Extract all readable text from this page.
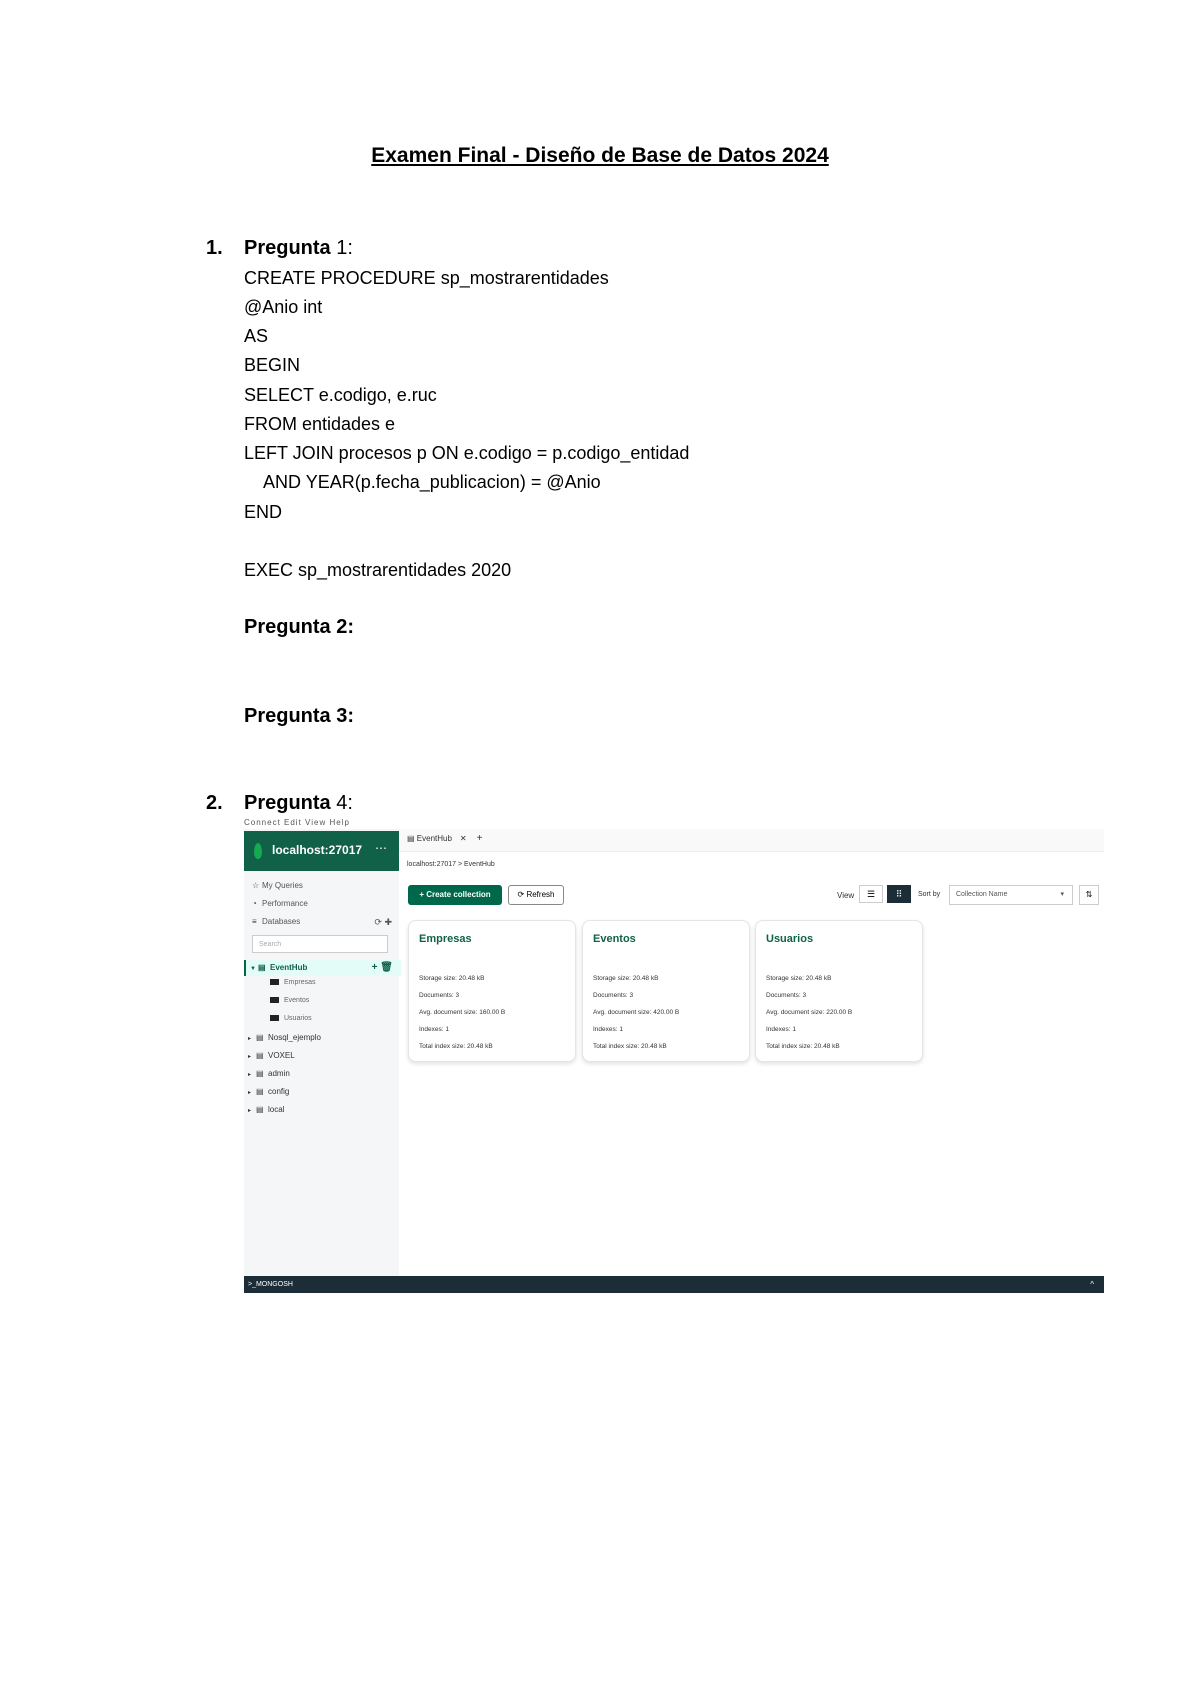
Examen Final - Diseño de Base de Datos 2024
1. Pregunta 1:
CREATE PROCEDURE sp_mostrarentidades
@Anio int
AS
BEGIN
SELECT e.codigo, e.ruc
FROM entidades e
LEFT JOIN procesos p ON e.codigo = p.codigo_entidad
AND YEAR(p.fecha_publicacion) = @Anio
END
EXEC sp_mostrarentidades 2020
Pregunta 2:
Pregunta 3:
2. Pregunta 4:
Connect Edit View Help
localhost:27017 ⋯
☆ My Queries
◔ Performance
≡ Databases	⟳ ✚
Search
▼ ▤ EventHub	+ 🗑
Empresas
Eventos
Usuarios
▸ ▤ Nosql_ejemplo
▸ ▤ VOXEL
▸ ▤ admin
▸ ▤ config
▸ ▤ local
▤ EventHub ✕ +
localhost:27017 > EventHub
+ Create collection	⟳ Refresh	View	☰	⠿	Sort by	Collection Name	▾	⇅
Empresas
Storage size: 20.48 kB
Documents: 3
Avg. document size: 160.00 B
Indexes: 1
Total index size: 20.48 kB
Eventos
Storage size: 20.48 kB
Documents: 3
Avg. document size: 420.00 B
Indexes: 1
Total index size: 20.48 kB
Usuarios
Storage size: 20.48 kB
Documents: 3
Avg. document size: 220.00 B
Indexes: 1
Total index size: 20.48 kB
>_MONGOSH	^
